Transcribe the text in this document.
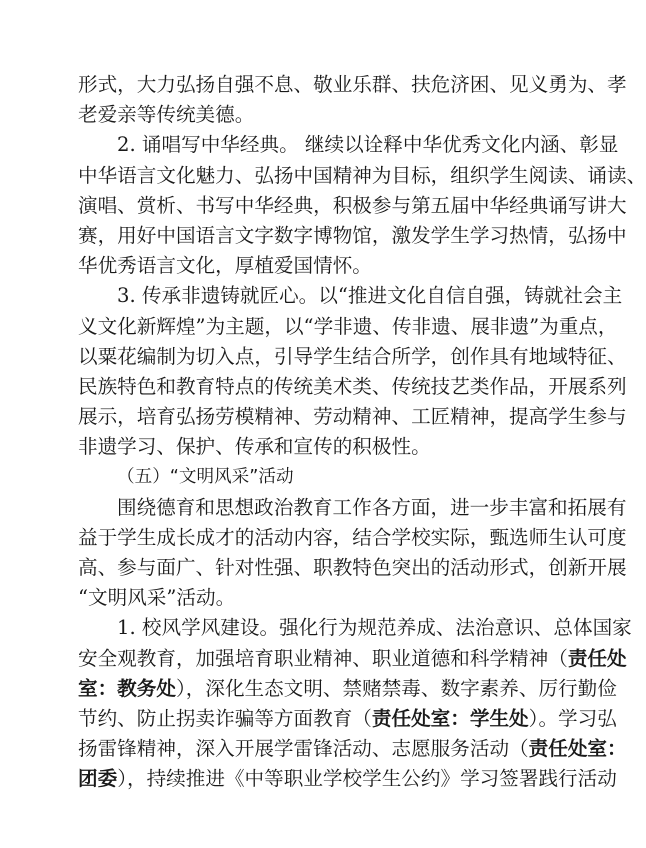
形式，大力弘扬自强不息、敬业乐群、扶危济困、见义勇为、孝
老爱亲等传统美德。
2. 诵唱写中华经典。 继续以诠释中华优秀文化内涵、彰显
中华语言文化魅力、弘扬中国精神为目标，组织学生阅读、诵读、
演唱、赏析、书写中华经典，积极参与第五届中华经典诵写讲大
赛，用好中国语言文字数字博物馆，激发学生学习热情，弘扬中
华优秀语言文化，厚植爱国情怀。
3. 传承非遗铸就匠心。以“推进文化自信自强，铸就社会主
义文化新辉煌”为主题，以“学非遗、传非遗、展非遗”为重点，
以粟花编制为切入点，引导学生结合所学，创作具有地域特征、
民族特色和教育特点的传统美术类、传统技艺类作品，开展系列
展示，培育弘扬劳模精神、劳动精神、工匠精神，提高学生参与
非遗学习、保护、传承和宣传的积极性。
（五）“文明风采”活动
围绕德育和思想政治教育工作各方面，进一步丰富和拓展有
益于学生成长成才的活动内容，结合学校实际，甄选师生认可度
高、参与面广、针对性强、职教特色突出的活动形式，创新开展
“文明风采”活动。
1. 校风学风建设。强化行为规范养成、法治意识、总体国家
安全观教育，加强培育职业精神、职业道德和科学精神（责任处
室：教务处），深化生态文明、禁赌禁毒、数字素养、厉行勤俭
节约、防止拐卖诈骗等方面教育（责任处室：学生处）。学习弘
扬雷锋精神，深入开展学雷锋活动、志愿服务活动（责任处室：
团委），持续推进《中等职业学校学生公约》学习签署践行活动
